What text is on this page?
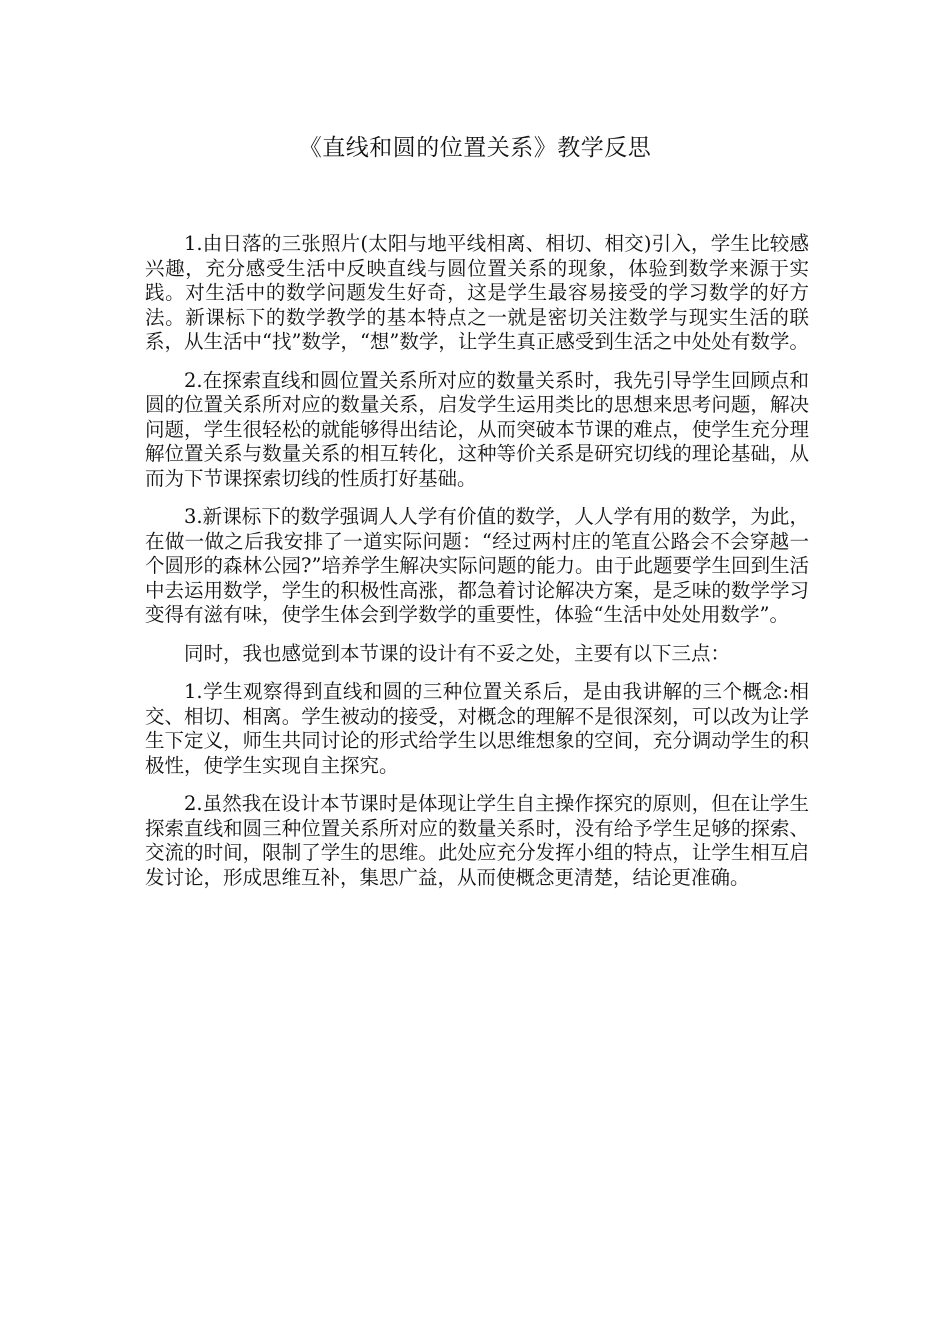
《直线和圆的位置关系》教学反思

1.由日落的三张照片(太阳与地平线相离、相切、相交)引入，学生比较感兴趣，充分感受生活中反映直线与圆位置关系的现象，体验到数学来源于实践。对生活中的数学问题发生好奇，这是学生最容易接受的学习数学的好方法。新课标下的数学教学的基本特点之一就是密切关注数学与现实生活的联系，从生活中“找”数学，“想”数学，让学生真正感受到生活之中处处有数学。

2.在探索直线和圆位置关系所对应的数量关系时，我先引导学生回顾点和圆的位置关系所对应的数量关系，启发学生运用类比的思想来思考问题，解决问题，学生很轻松的就能够得出结论，从而突破本节课的难点，使学生充分理解位置关系与数量关系的相互转化，这种等价关系是研究切线的理论基础，从而为下节课探索切线的性质打好基础。

3.新课标下的数学强调人人学有价值的数学，人人学有用的数学，为此，在做一做之后我安排了一道实际问题：“经过两村庄的笔直公路会不会穿越一个圆形的森林公园?”培养学生解决实际问题的能力。由于此题要学生回到生活中去运用数学，学生的积极性高涨，都急着讨论解决方案，是乏味的数学学习变得有滋有味，使学生体会到学数学的重要性，体验“生活中处处用数学”。

同时，我也感觉到本节课的设计有不妥之处，主要有以下三点：

1.学生观察得到直线和圆的三种位置关系后，是由我讲解的三个概念:相交、相切、相离。学生被动的接受，对概念的理解不是很深刻，可以改为让学生下定义，师生共同讨论的形式给学生以思维想象的空间，充分调动学生的积极性，使学生实现自主探究。

2.虽然我在设计本节课时是体现让学生自主操作探究的原则，但在让学生探索直线和圆三种位置关系所对应的数量关系时，没有给予学生足够的探索、交流的时间，限制了学生的思维。此处应充分发挥小组的特点，让学生相互启发讨论，形成思维互补，集思广益，从而使概念更清楚，结论更准确。
